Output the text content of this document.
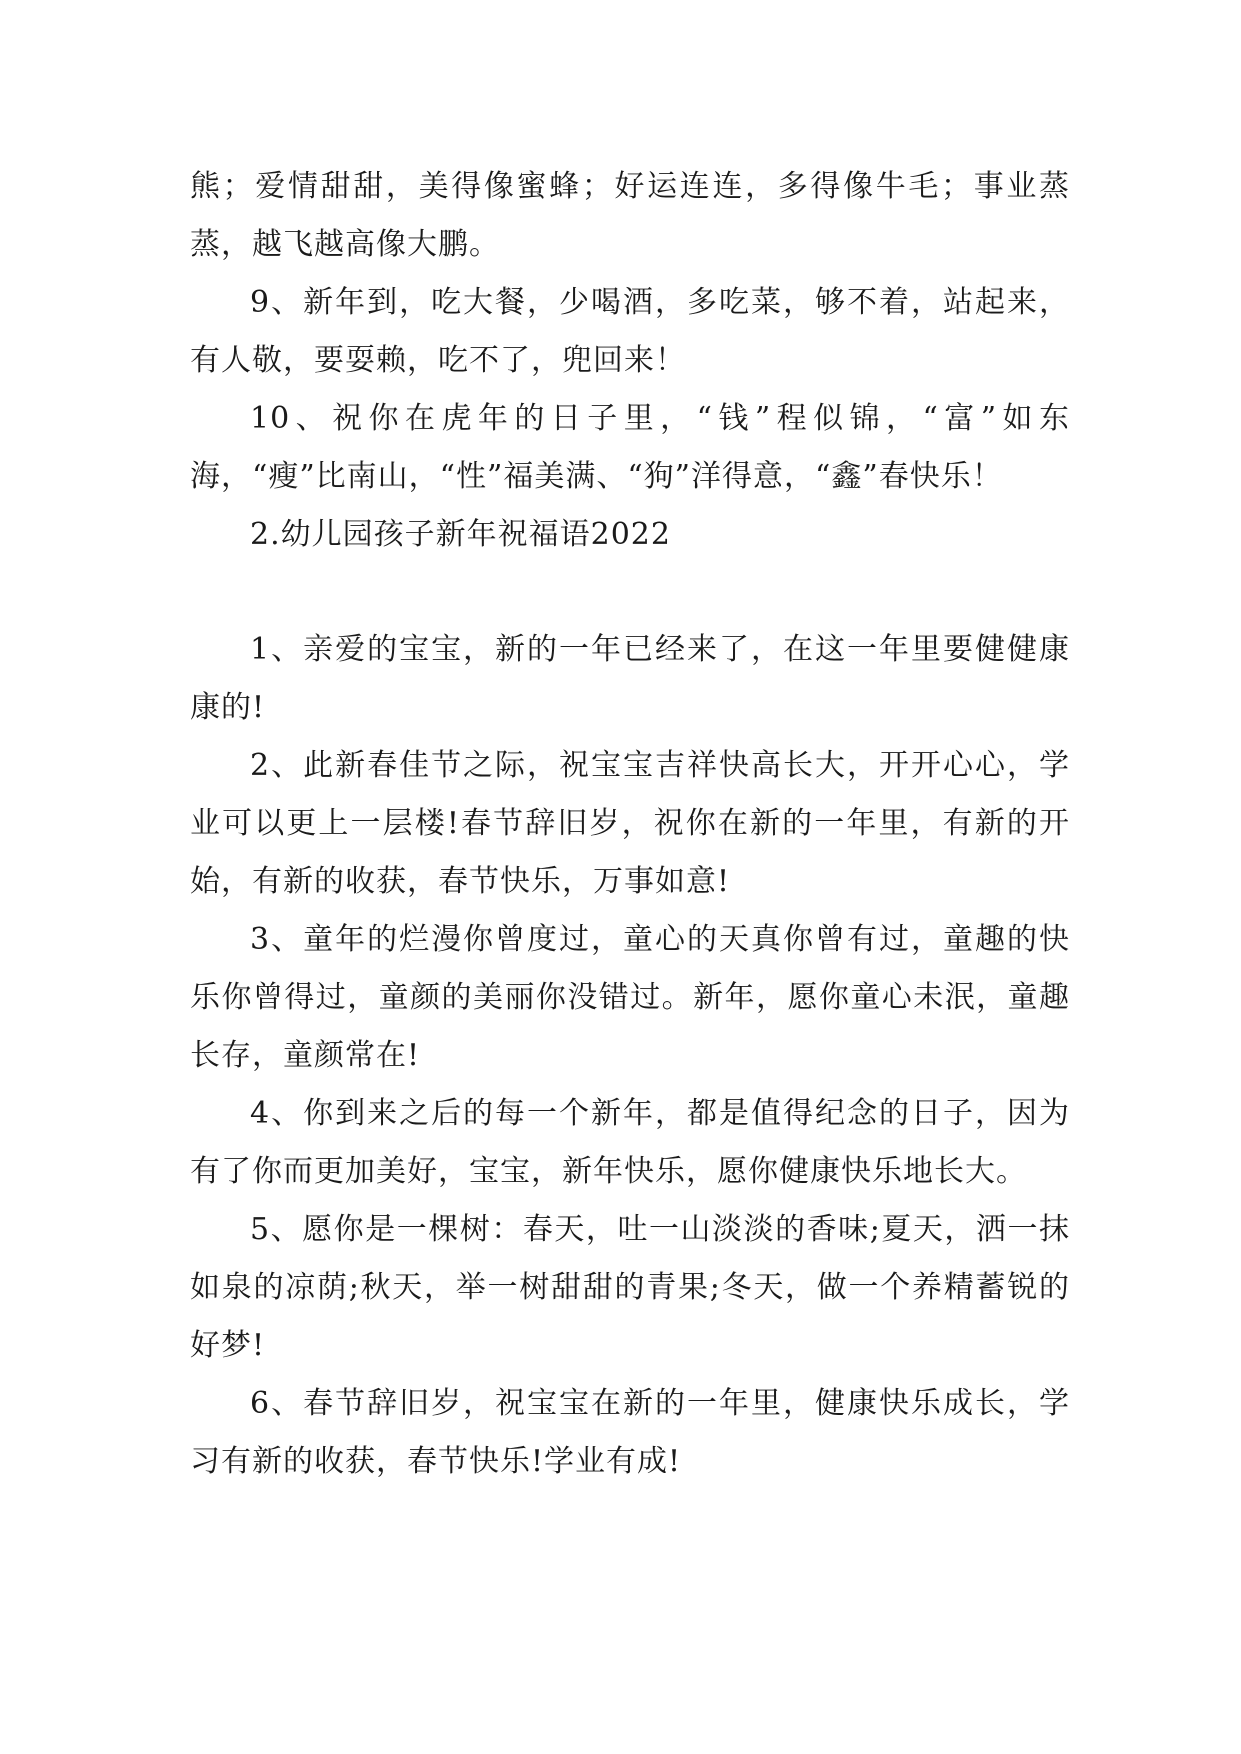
熊；爱情甜甜，美得像蜜蜂；好运连连，多得像牛毛；事业蒸蒸，越飞越高像大鹏。

9、新年到，吃大餐，少喝酒，多吃菜，够不着，站起来，有人敬，要耍赖，吃不了，兜回来！

10、祝你在虎年的日子里，“钱”程似锦，“富”如东海，“瘦”比南山，“性”福美满、“狗”洋得意，“鑫”春快乐！

2.幼儿园孩子新年祝福语2022

1、亲爱的宝宝，新的一年已经来了，在这一年里要健健康康的!

2、此新春佳节之际，祝宝宝吉祥快高长大，开开心心，学业可以更上一层楼!春节辞旧岁，祝你在新的一年里，有新的开始，有新的收获，春节快乐，万事如意!

3、童年的烂漫你曾度过，童心的天真你曾有过，童趣的快乐你曾得过，童颜的美丽你没错过。新年，愿你童心未泯，童趣长存，童颜常在!

4、你到来之后的每一个新年，都是值得纪念的日子，因为有了你而更加美好，宝宝，新年快乐，愿你健康快乐地长大。

5、愿你是一棵树：春天，吐一山淡淡的香味;夏天，洒一抹如泉的凉荫;秋天，举一树甜甜的青果;冬天，做一个养精蓄锐的好梦!

6、春节辞旧岁，祝宝宝在新的一年里，健康快乐成长，学习有新的收获，春节快乐!学业有成!
